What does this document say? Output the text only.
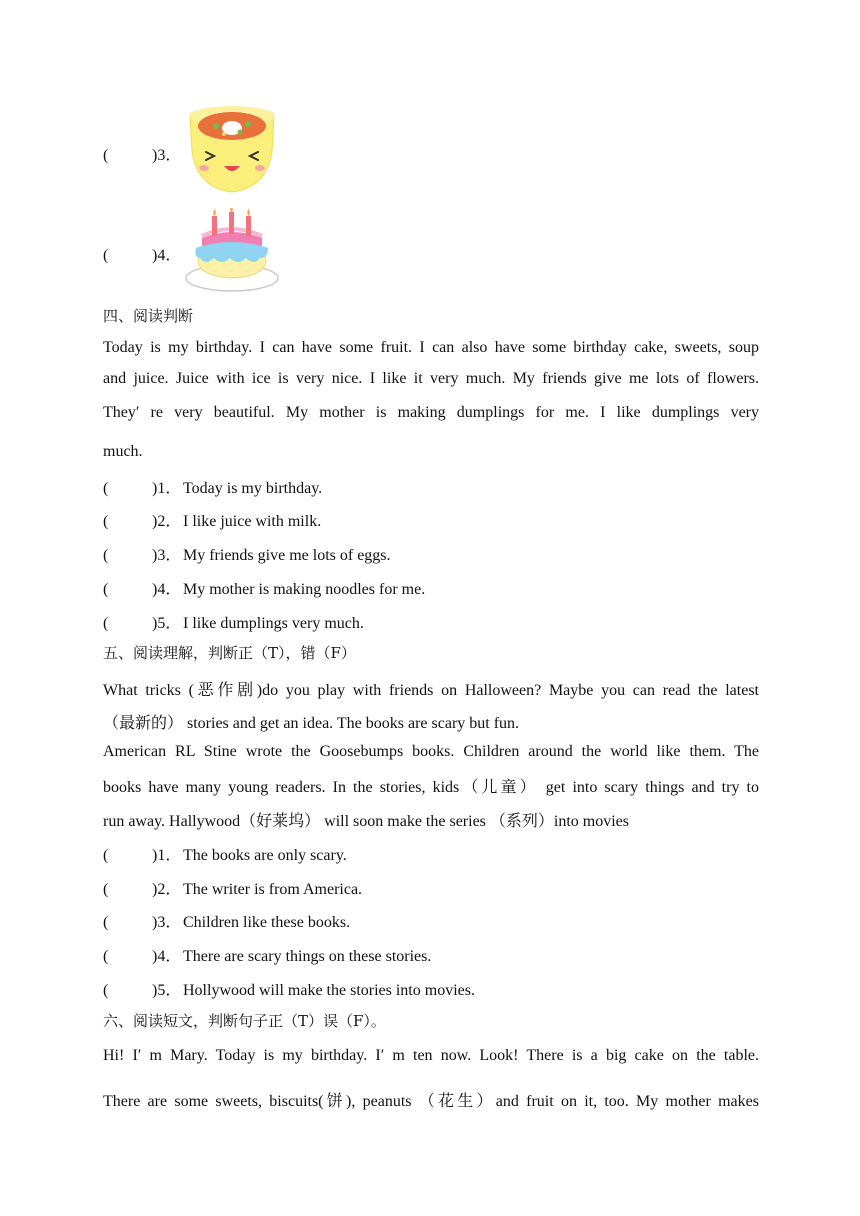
(	)3．
(	)4．
四、阅读判断
Today is my birthday. I can have some fruit. I can also have some birthday cake, sweets, soup
and juice. Juice with ice is very nice. I like it very much. My friends give me lots of flowers.
They′ re very beautiful. My mother is making dumplings for me. I like dumplings very
much.
(	)1． Today is my birthday.
(	)2． I like juice with milk.
(	)3． My friends give me lots of eggs.
(	)4． My mother is making noodles for me.
(	)5． I like dumplings very much.
五、阅读理解，判断正（T），错（F）
What tricks (恶作剧)do you play with friends on Halloween? Maybe you can read the latest
（最新的） stories and get an idea. The books are scary but fun.
American RL Stine wrote the Goosebumps books. Children around the world like them. The
books have many young readers. In the stories, kids（儿童） get into scary things and try to
run away. Hallywood（好莱坞） will soon make the series （系列）into movies
(	)1． The books are only scary.
(	)2． The writer is from America.
(	)3． Children like these books.
(	)4． There are scary things on these stories.
(	)5． Hollywood will make the stories into movies.
六、阅读短文，判断句子正（T）误（F）。
Hi! I′ m Mary. Today is my birthday. I′ m ten now. Look! There is a big cake on the table.
There are some sweets, biscuits(饼), peanuts （花生）and fruit on it, too. My mother makes
